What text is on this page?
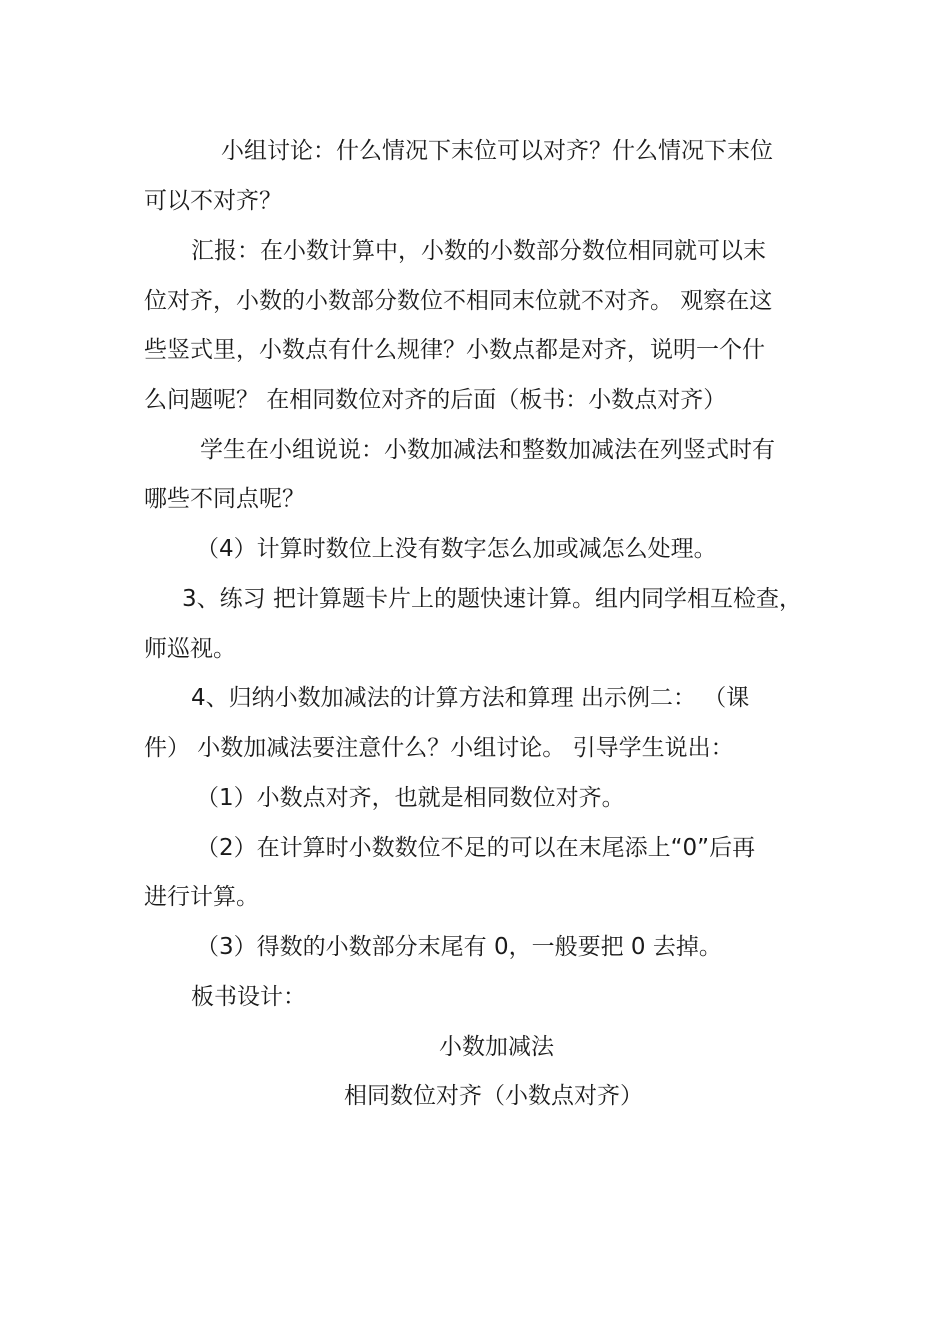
小组讨论：什么情况下末位可以对齐？什么情况下末位
可以不对齐？
汇报：在小数计算中，小数的小数部分数位相同就可以末
位对齐，小数的小数部分数位不相同末位就不对齐。 观察在这
些竖式里，小数点有什么规律？小数点都是对齐，说明一个什
么问题呢？ 在相同数位对齐的后面（板书：小数点对齐）
学生在小组说说：小数加减法和整数加减法在列竖式时有
哪些不同点呢？
（4）计算时数位上没有数字怎么加或减怎么处理。
3、练习 把计算题卡片上的题快速计算。组内同学相互检查，
师巡视。
4、归纳小数加减法的计算方法和算理 出示例二： （课
件） 小数加减法要注意什么？小组讨论。 引导学生说出：
（1）小数点对齐，也就是相同数位对齐。
（2）在计算时小数数位不足的可以在末尾添上“0”后再
进行计算。
（3）得数的小数部分末尾有 0，一般要把 0 去掉。
板书设计：
小数加减法
相同数位对齐（小数点对齐）
